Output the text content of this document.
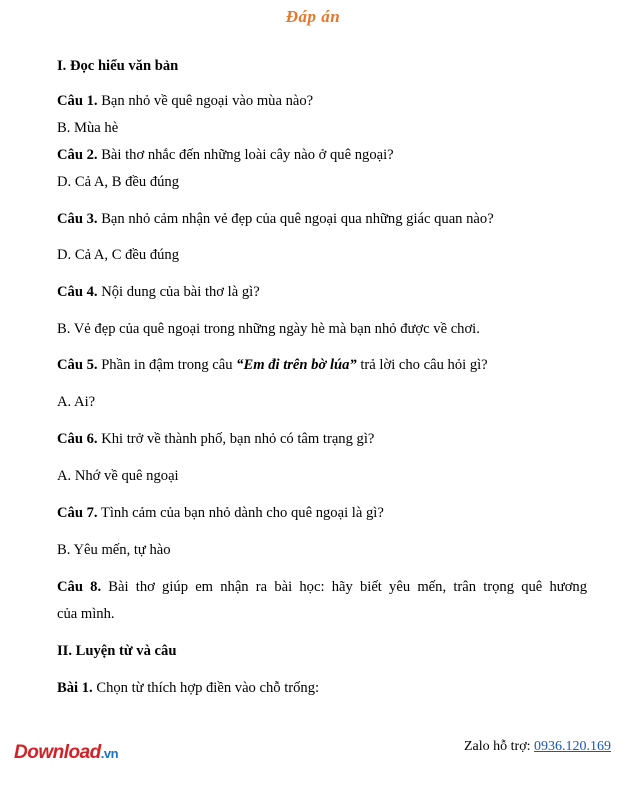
Đáp án
I. Đọc hiểu văn bản
Câu 1. Bạn nhỏ về quê ngoại vào mùa nào?
B. Mùa hè
Câu 2. Bài thơ nhắc đến những loài cây nào ở quê ngoại?
D. Cả A, B đều đúng
Câu 3. Bạn nhỏ cảm nhận vẻ đẹp của quê ngoại qua những giác quan nào?
D. Cả A, C đều đúng
Câu 4. Nội dung của bài thơ là gì?
B. Vẻ đẹp của quê ngoại trong những ngày hè mà bạn nhỏ được về chơi.
Câu 5. Phần in đậm trong câu “Em đi trên bờ lúa” trả lời cho câu hỏi gì?
A. Ai?
Câu 6. Khi trở về thành phố, bạn nhỏ có tâm trạng gì?
A. Nhớ về quê ngoại
Câu 7. Tình cảm của bạn nhỏ dành cho quê ngoại là gì?
B. Yêu mến, tự hào
Câu 8. Bài thơ giúp em nhận ra bài học: hãy biết yêu mến, trân trọng quê hương
của mình.
II. Luyện từ và câu
Bài 1. Chọn từ thích hợp điền vào chỗ trống:
Download.vn	Zalo hỗ trợ: 0936.120.169
